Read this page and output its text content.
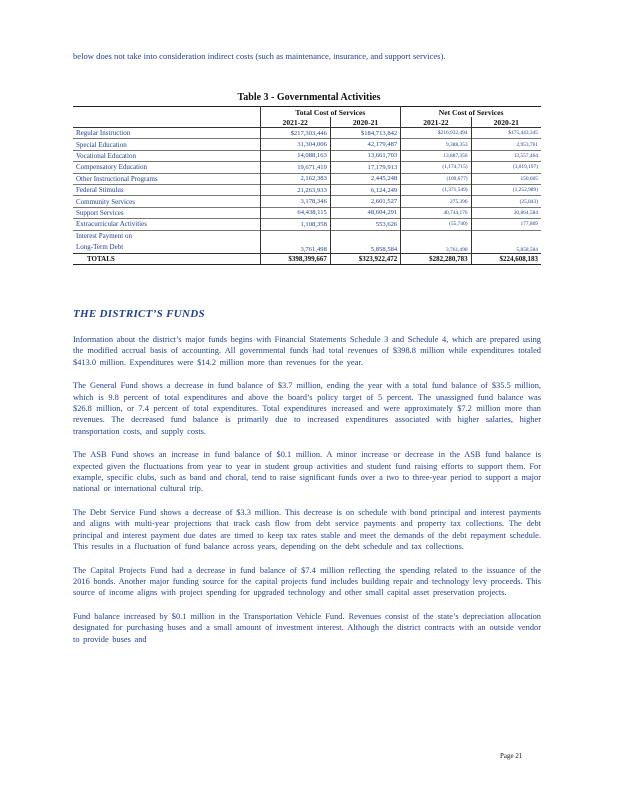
below does not take into consideration indirect costs (such as maintenance, insurance, and support services).
Table 3 - Governmental Activities
	Total Cost of Services		Net Cost of Services	
	2021-22	2020-21	2021-22	2020-21
Regular Instruction	$217,303,446	$184,713,842	$216,932,494	$175,443,345
Special Education	31,304,006	42,179,487	9,388,353	2,953,761
Vocational Education	14,088,163	13,661,703	13,887,356	13,557,464
Compensatory Education	19,671,419	17,179,913	(1,174,715)	(3,019,197)
Other Instructional Programs	2,162,383	2,445,248	(109,677)	150,605
Federal Stimulus	21,263,933	6,124,249	(1,371,549)	(1,252,989)
Community Services	3,178,346	2,601,527	275,396	(25,843)
Support Services	64,438,115	48,604,291	40,744,176	30,864,584
Extracurricular Activities	1,108,358	553,626	(55,740)	177,869

Interest Payment on
Long-Term Debt	3,761,498	5,858,584	3,761,498	5,858,584
TOTALS	$398,399,667	$323,922,472	$282,280,783	$224,608,183
THE DISTRICT’S FUNDS

Information about the district’s major funds begins with Financial Statements Schedule 3 and Schedule 4, which are prepared using the modified accrual basis of accounting. All governmental funds had total revenues of $398.8 million while expenditures totaled $413.0 million. Expenditures were $14.2 million more than revenues for the year.

The General Fund shows a decrease in fund balance of $3.7 million, ending the year with a total fund balance of $35.5 million, which is 9.8 percent of total expenditures and above the board’s policy target of 5 percent. The unassigned fund balance was $26.8 million, or 7.4 percent of total expenditures. Total expenditures increased and were approximately $7.2 million more than revenues. The decreased fund balance is primarily due to increased expenditures associated with higher salaries, higher transportation costs, and supply costs.

The ASB Fund shows an increase in fund balance of $0.1 million. A minor increase or decrease in the ASB fund balance is expected given the fluctuations from year to year in student group activities and student fund raising efforts to support them. For example, specific clubs, such as band and choral, tend to raise significant funds over a two to three-year period to support a major national or international cultural trip.

The Debt Service Fund shows a decrease of $3.3 million. This decrease is on schedule with bond principal and interest payments and aligns with multi-year projections that track cash flow from debt service payments and property tax collections. The debt principal and interest payment due dates are timed to keep tax rates stable and meet the demands of the debt repayment schedule. This results in a fluctuation of fund balance across years, depending on the debt schedule and tax collections.

The Capital Projects Fund had a decrease in fund balance of $7.4 million reflecting the spending related to the issuance of the 2016 bonds. Another major funding source for the capital projects fund includes building repair and technology levy proceeds. This source of income aligns with project spending for upgraded technology and other small capital asset preservation projects.

Fund balance increased by $0.1 million in the Transportation Vehicle Fund. Revenues consist of the state’s depreciation allocation designated for purchasing buses and a small amount of investment interest. Although the district contracts with an outside vendor to provide buses and

Page 21
